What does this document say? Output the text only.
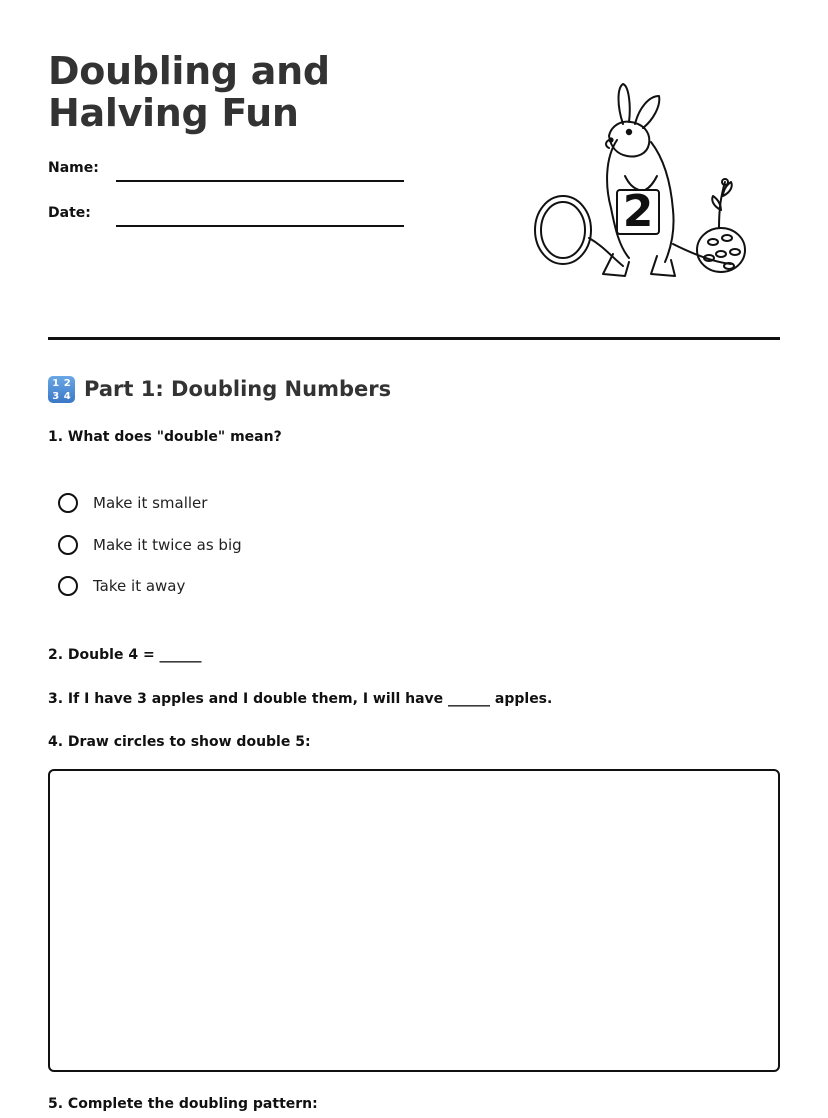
Doubling and Halving Fun
Name:
Date:	2
1 2
3 4 Part 1: Doubling Numbers

1. What does "double" mean?

Make it smaller
Make it twice as big
Take it away

2. Double 4 = ______

3. If I have 3 apples and I double them, I will have ______ apples.

4. Draw circles to show double 5:

5. Complete the doubling pattern:
